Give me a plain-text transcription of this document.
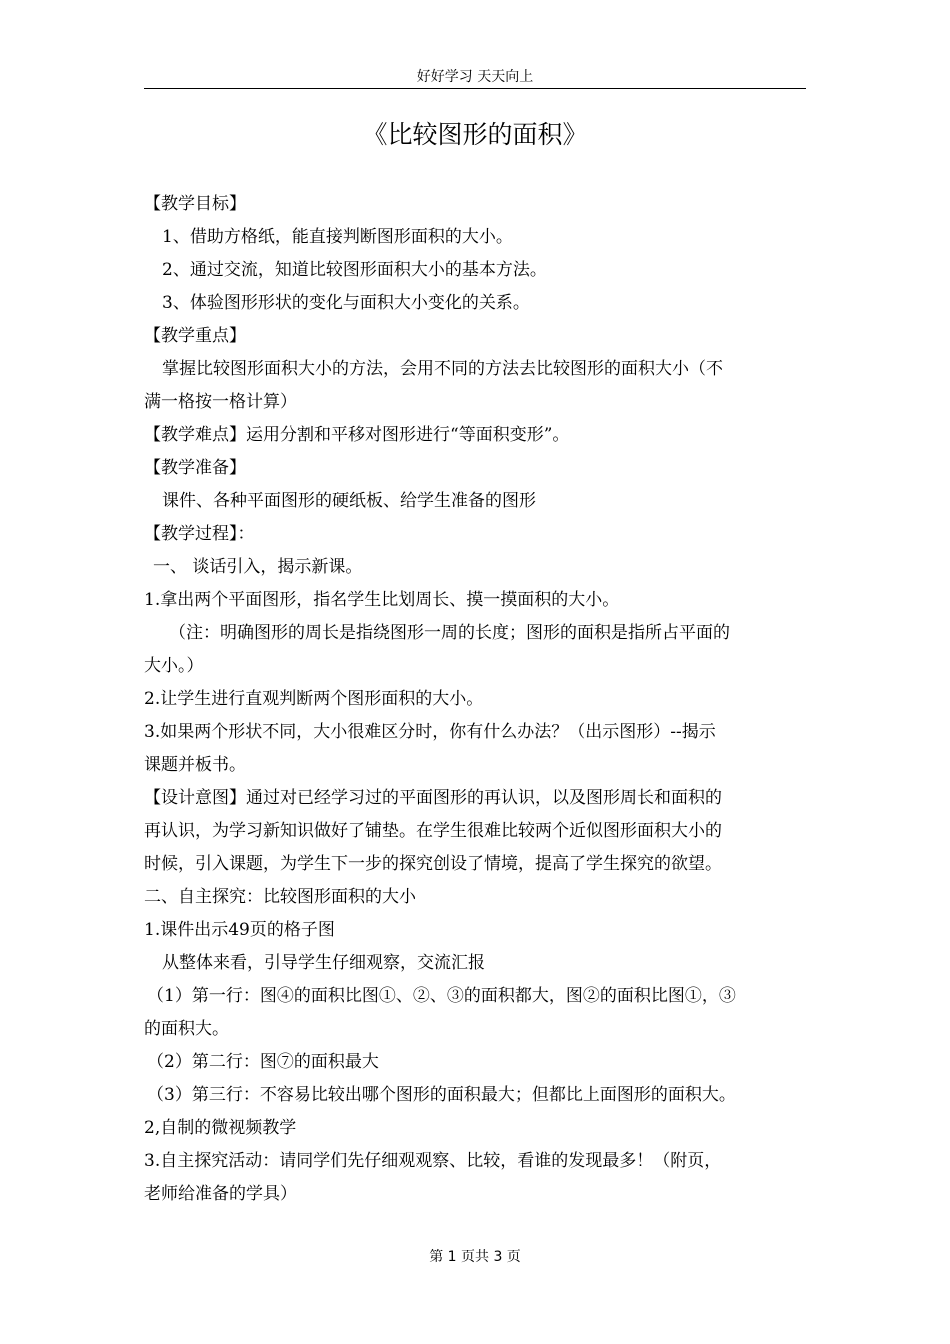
好好学习 天天向上
《比较图形的面积》
【教学目标】
1、借助方格纸，能直接判断图形面积的大小。
2、通过交流，知道比较图形面积大小的基本方法。
3、体验图形形状的变化与面积大小变化的关系。
【教学重点】
掌握比较图形面积大小的方法，会用不同的方法去比较图形的面积大小（不
满一格按一格计算）
【教学难点】运用分割和平移对图形进行“等面积变形”。
【教学准备】
课件、各种平面图形的硬纸板、给学生准备的图形
【教学过程】：
一、 谈话引入，揭示新课。
1.拿出两个平面图形，指名学生比划周长、摸一摸面积的大小。
（注：明确图形的周长是指绕图形一周的长度；图形的面积是指所占平面的
大小。）
2.让学生进行直观判断两个图形面积的大小。
3.如果两个形状不同，大小很难区分时，你有什么办法？（出示图形）--揭示
课题并板书。
【设计意图】通过对已经学习过的平面图形的再认识，以及图形周长和面积的
再认识，为学习新知识做好了铺垫。在学生很难比较两个近似图形面积大小的
时候，引入课题，为学生下一步的探究创设了情境，提高了学生探究的欲望。
二、自主探究：比较图形面积的大小
1.课件出示49页的格子图
从整体来看，引导学生仔细观察，交流汇报
（1）第一行：图④的面积比图①、②、③的面积都大，图②的面积比图①，③
的面积大。
（2）第二行：图⑦的面积最大
（3）第三行：不容易比较出哪个图形的面积最大；但都比上面图形的面积大。
2,自制的微视频教学
3.自主探究活动：请同学们先仔细观观察、比较，看谁的发现最多！（附页，
老师给准备的学具）
第 1 页共 3 页
